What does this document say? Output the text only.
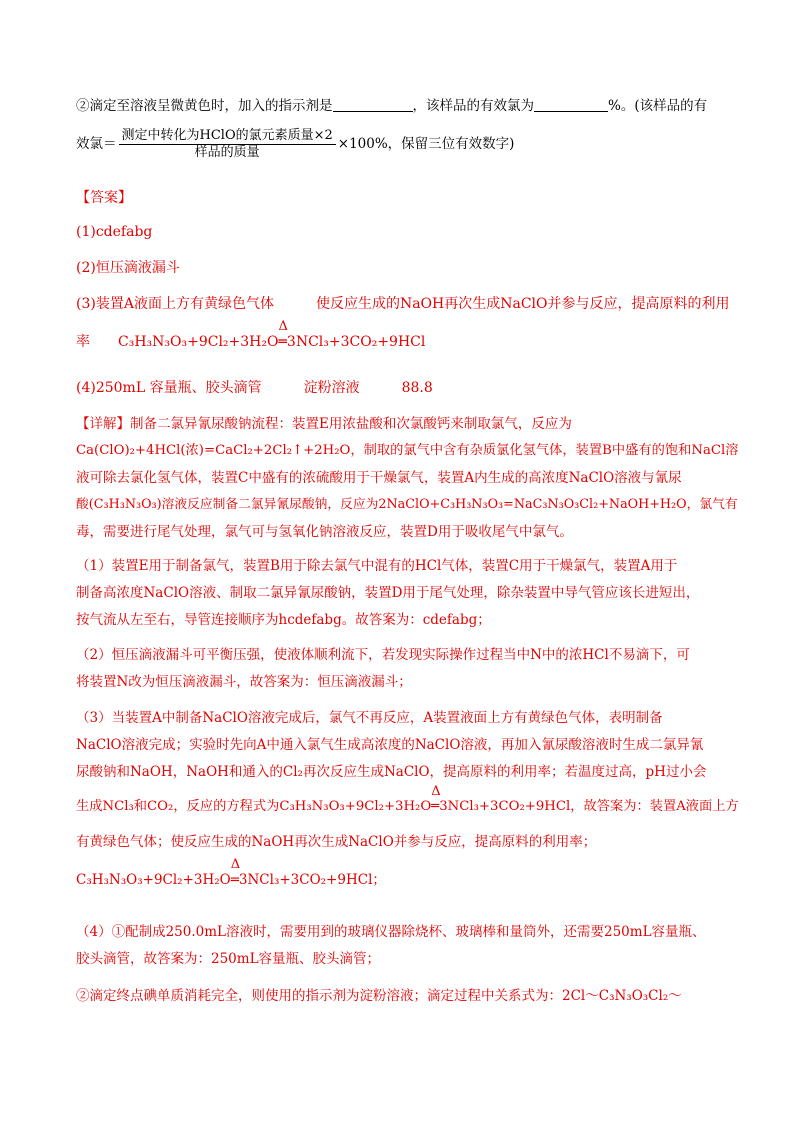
②滴定至溶液呈微黄色时，加入的指示剂是	，该样品的有效氯为	%。(该样品的有
效氯＝ $\frac{\text{测定中转化为HClO的氯元素质量×2}}{\text{样品的质量}} \times 100\%$，保留三位有效数字)
【答案】
(1)cdefabg
(2)恒压滴液漏斗
(3)装置A液面上方有黄绿色气体　　　使反应生成的NaOH再次生成NaClO并参与反应，提高原料的利用
率　　C₃H₃N₃O₃+9Cl₂+3H₂O
Δ
═3NCl₃+3CO₂+9HCl
(4)250mL 容量瓶、胶头滴管　　　淀粉溶液　　　88.8
【详解】制备二氯异氰尿酸钠流程：装置E用浓盐酸和次氯酸钙来制取氯气，反应为
Ca(ClO)₂+4HCl(浓)=CaCl₂+2Cl₂↑+2H₂O，制取的氯气中含有杂质氯化氢气体，装置B中盛有的饱和NaCl溶
液可除去氯化氢气体，装置C中盛有的浓硫酸用于干燥氯气，装置A内生成的高浓度NaClO溶液与氰尿
酸(C₃H₃N₃O₃)溶液反应制备二氯异氰尿酸钠，反应为2NaClO+C₃H₃N₃O₃=NaC₃N₃O₃Cl₂+NaOH+H₂O，氯气有
毒，需要进行尾气处理，氯气可与氢氧化钠溶液反应，装置D用于吸收尾气中氯气。
（1）装置E用于制备氯气，装置B用于除去氯气中混有的HCl气体，装置C用于干燥氯气，装置A用于
制备高浓度NaClO溶液、制取二氯异氰尿酸钠，装置D用于尾气处理，除杂装置中导气管应该长进短出，
按气流从左至右，导管连接顺序为hcdefabg。故答案为：cdefabg；
（2）恒压滴液漏斗可平衡压强，使液体顺利流下，若发现实际操作过程当中N中的浓HCl不易滴下，可
将装置N改为恒压滴液漏斗，故答案为：恒压滴液漏斗；
（3）当装置A中制备NaClO溶液完成后，氯气不再反应，A装置液面上方有黄绿色气体，表明制备
NaClO溶液完成；实验时先向A中通入氯气生成高浓度的NaClO溶液，再加入氰尿酸溶液时生成二氯异氰
尿酸钠和NaOH，NaOH和通入的Cl₂再次反应生成NaClO，提高原料的利用率；若温度过高，pH过小会
生成NCl₃和CO₂，反应的方程式为C₃H₃N₃O₃+9Cl₂+3H₂O
Δ
═3NCl₃+3CO₂+9HCl，故答案为：装置A液面上方
有黄绿色气体；使反应生成的NaOH再次生成NaClO并参与反应，提高原料的利用率；
C₃H₃N₃O₃+9Cl₂+3H₂O
Δ
═3NCl₃+3CO₂+9HCl；
（4）①配制成250.0mL溶液时，需要用到的玻璃仪器除烧杯、玻璃棒和量筒外，还需要250mL容量瓶、
胶头滴管，故答案为：250mL容量瓶、胶头滴管；
②滴定终点碘单质消耗完全，则使用的指示剂为淀粉溶液；滴定过程中关系式为：2Cl～C₃N₃O₃Cl₂～
